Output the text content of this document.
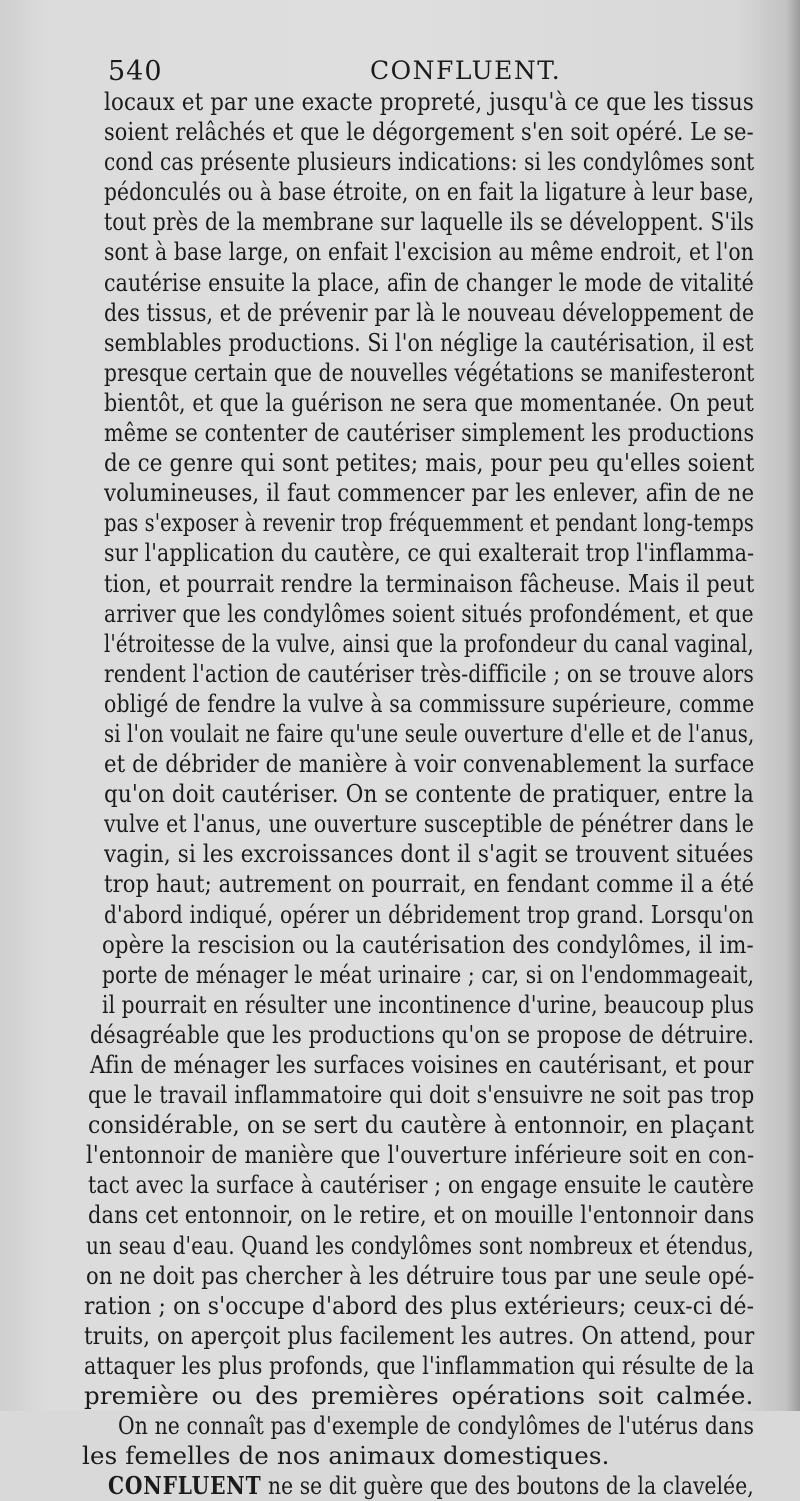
540	CONFLUENT.
locaux et par une exacte propreté, jusqu'à ce que les tissus
soient relâchés et que le dégorgement s'en soit opéré. Le se-
cond cas présente plusieurs indications: si les condylômes sont
pédonculés ou à base étroite, on en fait la ligature à leur base,
tout près de la membrane sur laquelle ils se développent. S'ils
sont à base large, on enfait l'excision au même endroit, et l'on
cautérise ensuite la place, afin de changer le mode de vitalité
des tissus, et de prévenir par là le nouveau développement de
semblables productions. Si l'on néglige la cautérisation, il est
presque certain que de nouvelles végétations se manifesteront
bientôt, et que la guérison ne sera que momentanée. On peut
même se contenter de cautériser simplement les productions
de ce genre qui sont petites; mais, pour peu qu'elles soient
volumineuses, il faut commencer par les enlever, afin de ne
pas s'exposer à revenir trop fréquemment et pendant long-temps
sur l'application du cautère, ce qui exalterait trop l'inflamma-
tion, et pourrait rendre la terminaison fâcheuse. Mais il peut
arriver que les condylômes soient situés profondément, et que
l'étroitesse de la vulve, ainsi que la profondeur du canal vaginal,
rendent l'action de cautériser très-difficile ; on se trouve alors
obligé de fendre la vulve à sa commissure supérieure, comme
si l'on voulait ne faire qu'une seule ouverture d'elle et de l'anus,
et de débrider de manière à voir convenablement la surface
qu'on doit cautériser. On se contente de pratiquer, entre la
vulve et l'anus, une ouverture susceptible de pénétrer dans le
vagin, si les excroissances dont il s'agit se trouvent situées
trop haut; autrement on pourrait, en fendant comme il a été
d'abord indiqué, opérer un débridement trop grand. Lorsqu'on
opère la rescision ou la cautérisation des condylômes, il im-
porte de ménager le méat urinaire ; car, si on l'endommageait,
il pourrait en résulter une incontinence d'urine, beaucoup plus
désagréable que les productions qu'on se propose de détruire.
Afin de ménager les surfaces voisines en cautérisant, et pour
que le travail inflammatoire qui doit s'ensuivre ne soit pas trop
considérable, on se sert du cautère à entonnoir, en plaçant
l'entonnoir de manière que l'ouverture inférieure soit en con-
tact avec la surface à cautériser ; on engage ensuite le cautère
dans cet entonnoir, on le retire, et on mouille l'entonnoir dans
un seau d'eau. Quand les condylômes sont nombreux et étendus,
on ne doit pas chercher à les détruire tous par une seule opé-
ration ; on s'occupe d'abord des plus extérieurs; ceux-ci dé-
truits, on aperçoit plus facilement les autres. On attend, pour
attaquer les plus profonds, que l'inflammation qui résulte de la
première ou des premières opérations soit calmée.
On ne connaît pas d'exemple de condylômes de l'utérus dans
les femelles de nos animaux domestiques.
CONFLUENT ne se dit guère que des boutons de la clavelée,
